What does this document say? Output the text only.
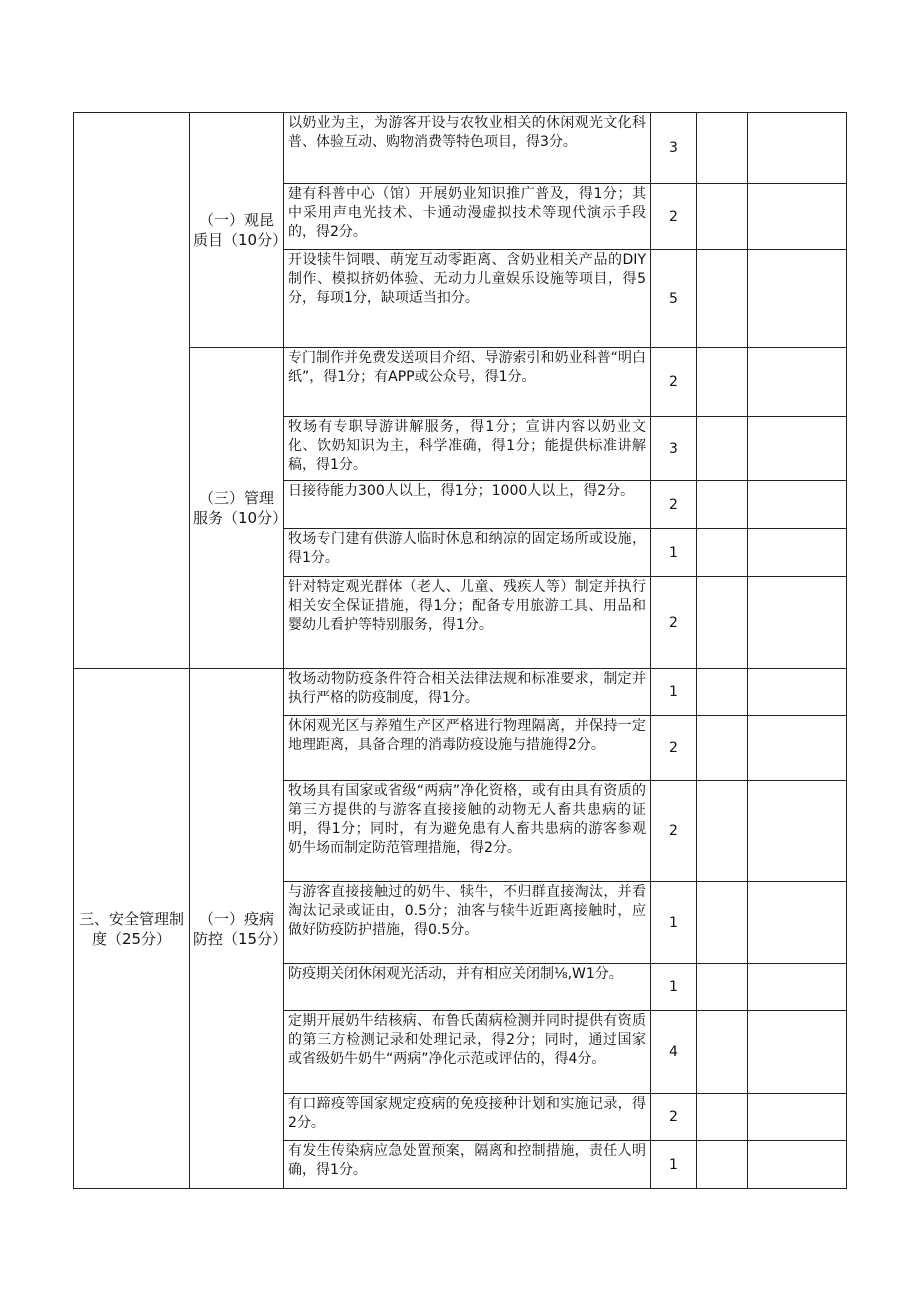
	（一）观昆质目（10分）	以奶业为主，为游客开设与农牧业相关的休闲观光文化科普、体验互动、购物消费等特色项目，得3分。	3		
		建有科普中心（馆）开展奶业知识推广普及，得1分；其中采用声电光技术、卡通动漫虚拟技术等现代演示手段的，得2分。	2		
		开设犊牛饲喂、萌宠互动零距离、含奶业相关产品的DIY制作、模拟挤奶体验、无动力儿童娱乐设施等项目，得5分，每项1分，缺项适当扣分。	5		
	（三）管理服务（10分）	专门制作并免费发送项目介绍、导游索引和奶业科普“明白纸”，得1分；有APP或公众号，得1分。	2		
		牧场有专职导游讲解服务，得1分；宣讲内容以奶业文化、饮奶知识为主，科学准确，得1分；能提供标准讲解稿，得1分。	3		
		日接待能力300人以上，得1分；1000人以上，得2分。	2		
		牧场专门建有供游人临时休息和纳凉的固定场所或设施，得1分。	1		
		针对特定观光群体（老人、儿童、残疾人等）制定并执行相关安全保证措施，得1分；配备专用旅游工具、用品和婴幼儿看护等特别服务，得1分。	2		
三、安全管理制度（25分）	（一）疫病防控（15分）	牧场动物防疫条件符合相关法律法规和标准要求，制定并执行严格的防疫制度，得1分。	1		
		休闲观光区与养殖生产区严格进行物理隔离，并保持一定地理距离，具备合理的消毒防疫设施与措施得2分。	2		
		牧场具有国家或省级“两病”净化资格，或有由具有资质的第三方提供的与游客直接接触的动物无人畜共患病的证明，得1分；同时，有为避免患有人畜共患病的游客参观奶牛场而制定防范管理措施，得2分。	2		
		与游客直接接触过的奶牛、犊牛，不归群直接淘汰，并看淘汰记录或证由，0.5分；油客与犊牛近距离接触时，应做好防疫防护措施，得0.5分。	1		
		防疫期关闭休闲观光活动，并有相应关闭制⅛,W1分。	1		
		定期开展奶牛结核病、布鲁氏菌病检测并同时提供有资质的第三方检测记录和处理记录，得2分；同时，通过国家或省级奶牛奶牛“两病”净化示范或评估的，得4分。	4		
		有口蹄疫等国家规定疫病的免疫接种计划和实施记录，得2分。	2		
		有发生传染病应急处置预案，隔离和控制措施，责任人明确，得1分。	1		
